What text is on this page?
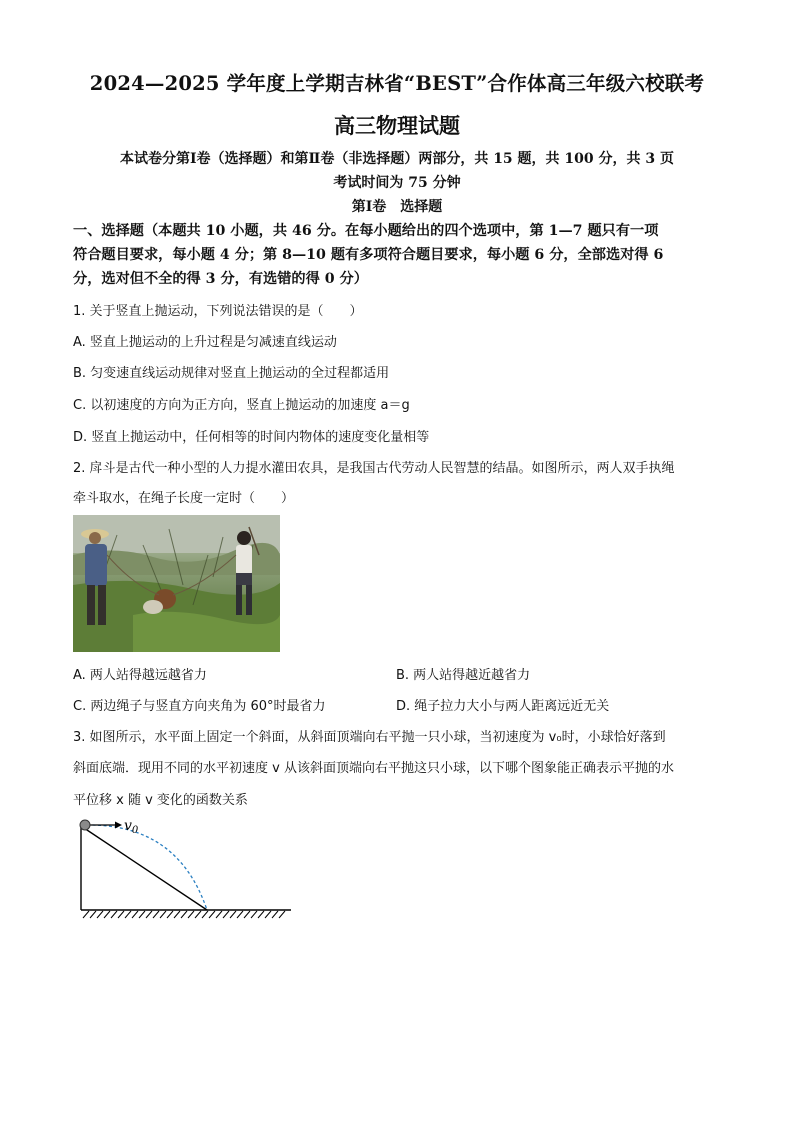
2024—2025 学年度上学期吉林省“BEST”合作体高三年级六校联考
高三物理试题
本试卷分第Ⅰ卷（选择题）和第Ⅱ卷（非选择题）两部分，共 15 题，共 100 分，共 3 页
考试时间为 75 分钟
第Ⅰ卷　选择题
一、选择题（本题共 10 小题，共 46 分。在每小题给出的四个选项中，第 1—7 题只有一项
符合题目要求，每小题 4 分；第 8—10 题有多项符合题目要求，每小题 6 分，全部选对得 6
分，选对但不全的得 3 分，有选错的得 0 分）
1. 关于竖直上抛运动，下列说法错误的是（　　）
A. 竖直上抛运动的上升过程是匀减速直线运动
B. 匀变速直线运动规律对竖直上抛运动的全过程都适用
C. 以初速度的方向为正方向，竖直上抛运动的加速度 a＝g
D. 竖直上抛运动中，任何相等的时间内物体的速度变化量相等
2. 戽斗是古代一种小型的人力提水灌田农具，是我国古代劳动人民智慧的结晶。如图所示，两人双手执绳
牵斗取水，在绳子长度一定时（　　）
A. 两人站得越远越省力	B. 两人站得越近越省力
C. 两边绳子与竖直方向夹角为 60°时最省力	D. 绳子拉力大小与两人距离远近无关
3. 如图所示，水平面上固定一个斜面，从斜面顶端向右平抛一只小球，当初速度为 v₀时，小球恰好落到
斜面底端．现用不同的水平初速度 v 从该斜面顶端向右平抛这只小球，以下哪个图象能正确表示平抛的水
平位移 x 随 v 变化的函数关系
$v_0$
